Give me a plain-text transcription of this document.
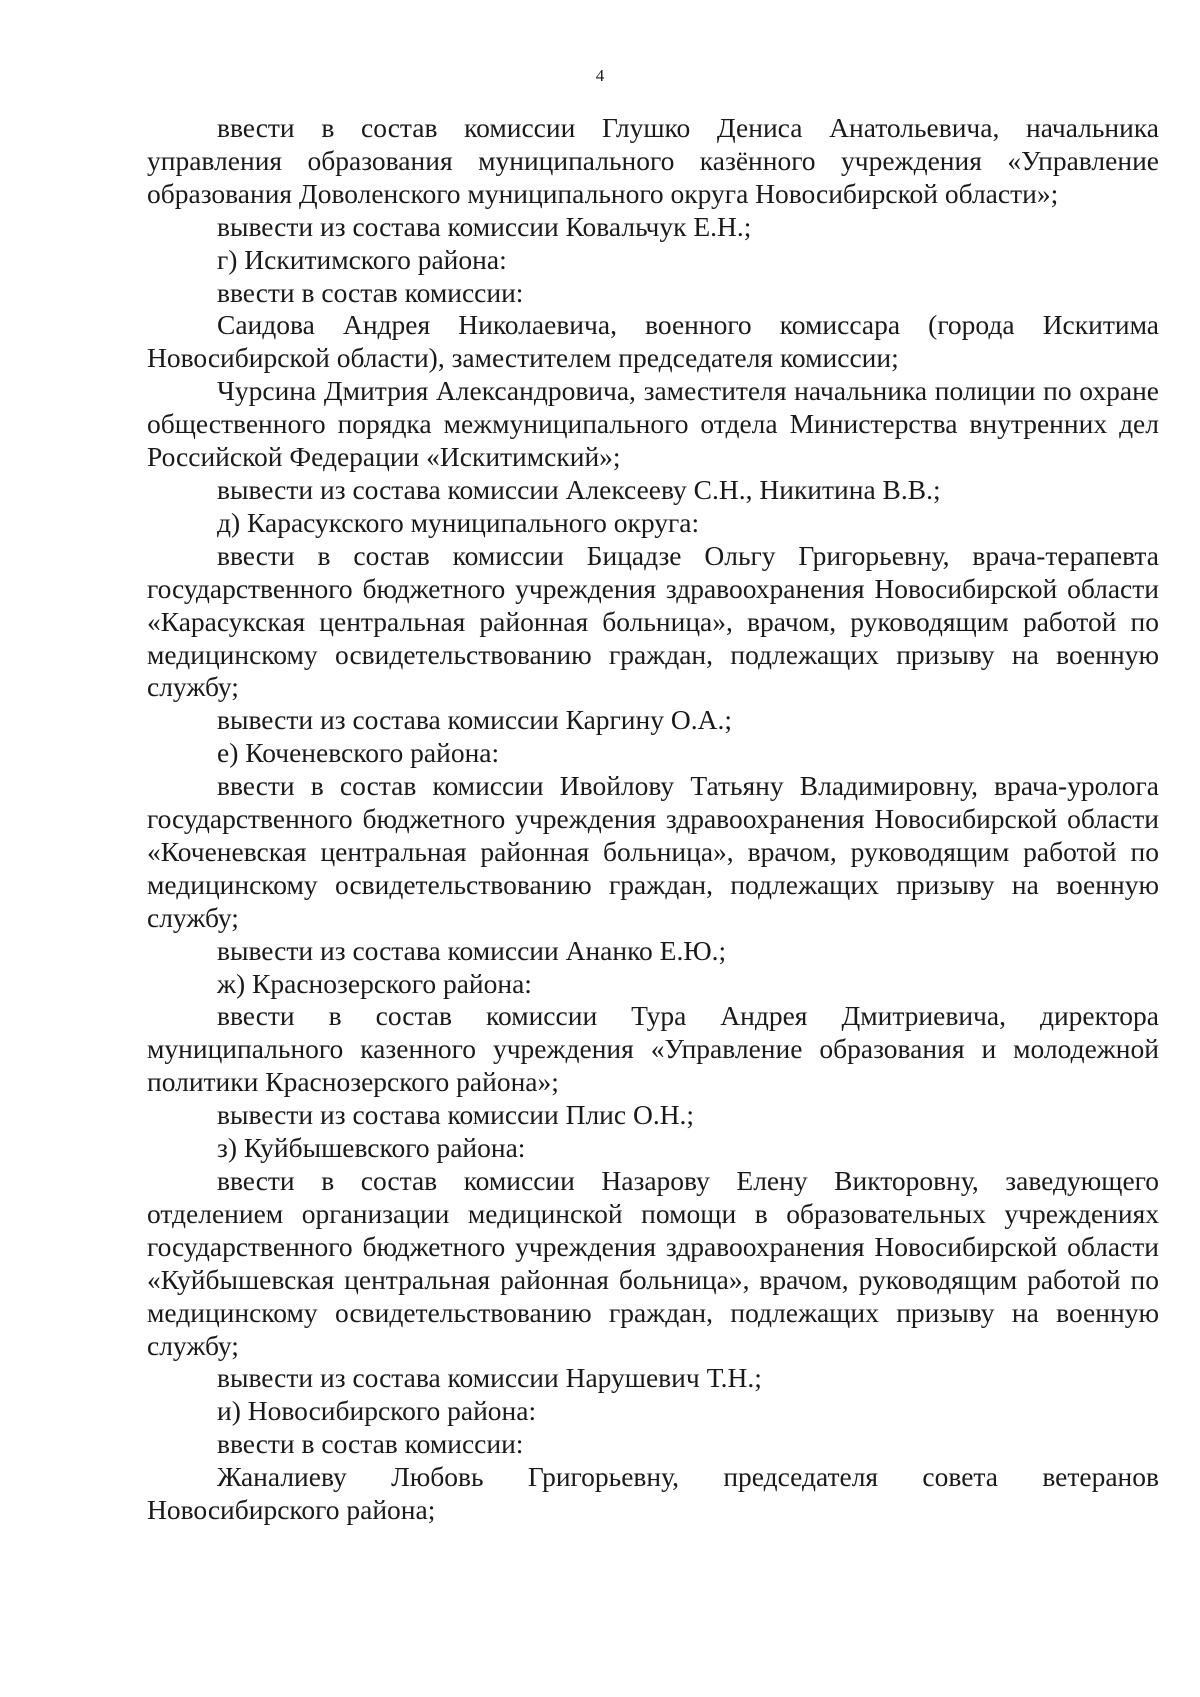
4

ввести в состав комиссии Глушко Дениса Анатольевича, начальника управления образования муниципального казённого учреждения «Управление образования Доволенского муниципального округа Новосибирской области»;

вывести из состава комиссии Ковальчук Е.Н.;

г) Искитимского района:

ввести в состав комиссии:

Саидова Андрея Николаевича, военного комиссара (города Искитима Новосибирской области), заместителем председателя комиссии;

Чурсина Дмитрия Александровича, заместителя начальника полиции по охране общественного порядка межмуниципального отдела Министерства внутренних дел Российской Федерации «Искитимский»;

вывести из состава комиссии Алексееву С.Н., Никитина В.В.;

д) Карасукского муниципального округа:

ввести в состав комиссии Бицадзе Ольгу Григорьевну, врача-терапевта государственного бюджетного учреждения здравоохранения Новосибирской области «Карасукская центральная районная больница», врачом, руководящим работой по медицинскому освидетельствованию граждан, подлежащих призыву на военную службу;

вывести из состава комиссии Каргину О.А.;

е) Коченевского района:

ввести в состав комиссии Ивойлову Татьяну Владимировну, врача-уролога государственного бюджетного учреждения здравоохранения Новосибирской области «Коченевская центральная районная больница», врачом, руководящим работой по медицинскому освидетельствованию граждан, подлежащих призыву на военную службу;

вывести из состава комиссии Ананко Е.Ю.;

ж) Краснозерского района:

ввести в состав комиссии Тура Андрея Дмитриевича, директора муниципального казенного учреждения «Управление образования и молодежной политики Краснозерского района»;

вывести из состава комиссии Плис О.Н.;

з) Куйбышевского района:

ввести в состав комиссии Назарову Елену Викторовну, заведующего отделением организации медицинской помощи в образовательных учреждениях государственного бюджетного учреждения здравоохранения Новосибирской области «Куйбышевская центральная районная больница», врачом, руководящим работой по медицинскому освидетельствованию граждан, подлежащих призыву на военную службу;

вывести из состава комиссии Нарушевич Т.Н.;

и) Новосибирского района:

ввести в состав комиссии:

Жаналиеву Любовь Григорьевну, председателя совета ветеранов Новосибирского района;
